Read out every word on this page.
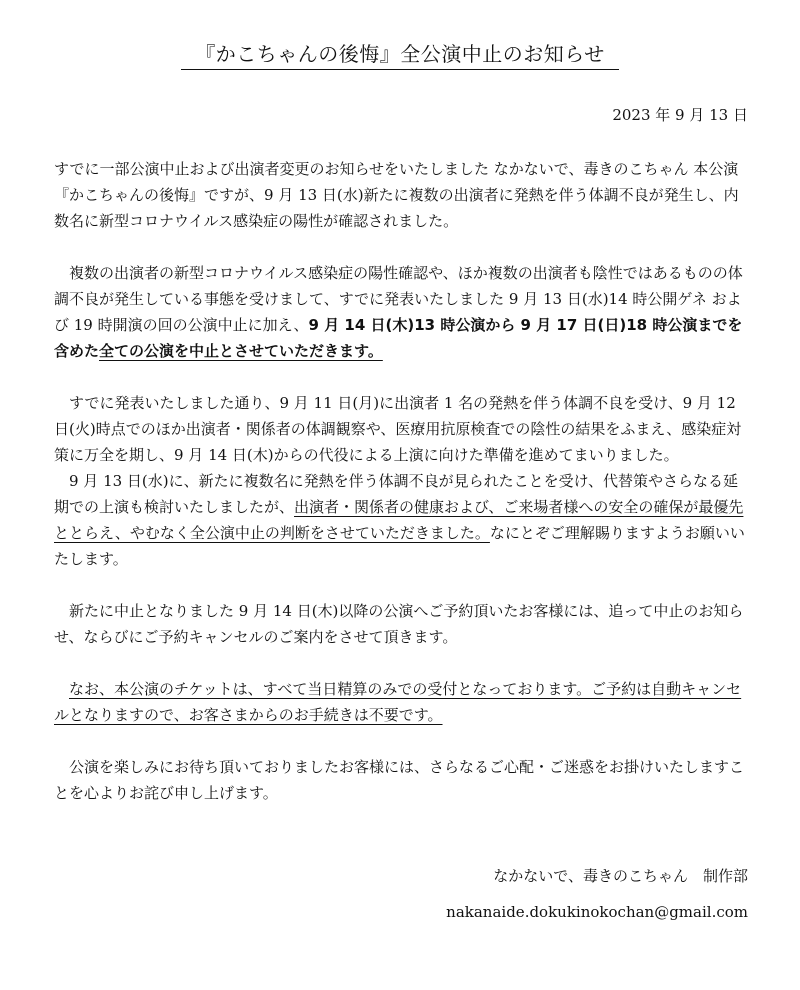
『かこちゃんの後悔』全公演中止のお知らせ
2023 年 9 月 13 日

すでに一部公演中止および出演者変更のお知らせをいたしました なかないで、毒きのこちゃん 本公演『かこちゃんの後悔』ですが、9 月 13 日(水)新たに複数の出演者に発熱を伴う体調不良が発生し、内数名に新型コロナウイルス感染症の陽性が確認されました。

複数の出演者の新型コロナウイルス感染症の陽性確認や、ほか複数の出演者も陰性ではあるものの体調不良が発生している事態を受けまして、すでに発表いたしました 9 月 13 日(水)14 時公開ゲネ および 19 時開演の回の公演中止に加え、9 月 14 日(木)13 時公演から 9 月 17 日(日)18 時公演までを含めた全ての公演を中止とさせていただきます。

すでに発表いたしました通り、9 月 11 日(月)に出演者 1 名の発熱を伴う体調不良を受け、9 月 12 日(火)時点でのほか出演者・関係者の体調観察や、医療用抗原検査での陰性の結果をふまえ、感染症対策に万全を期し、9 月 14 日(木)からの代役による上演に向けた準備を進めてまいりました。

9 月 13 日(水)に、新たに複数名に発熱を伴う体調不良が見られたことを受け、代替策やさらなる延期での上演も検討いたしましたが、出演者・関係者の健康および、ご来場者様への安全の確保が最優先ととらえ、やむなく全公演中止の判断をさせていただきました。なにとぞご理解賜りますようお願いいたします。

新たに中止となりました 9 月 14 日(木)以降の公演へご予約頂いたお客様には、追って中止のお知らせ、ならびにご予約キャンセルのご案内をさせて頂きます。

なお、本公演のチケットは、すべて当日精算のみでの受付となっております。ご予約は自動キャンセルとなりますので、お客さまからのお手続きは不要です。

公演を楽しみにお待ち頂いておりましたお客様には、さらなるご心配・ご迷惑をお掛けいたしますことを心よりお詫び申し上げます。

なかないで、毒きのこちゃん　制作部
nakanaide.dokukinokochan@gmail.com
